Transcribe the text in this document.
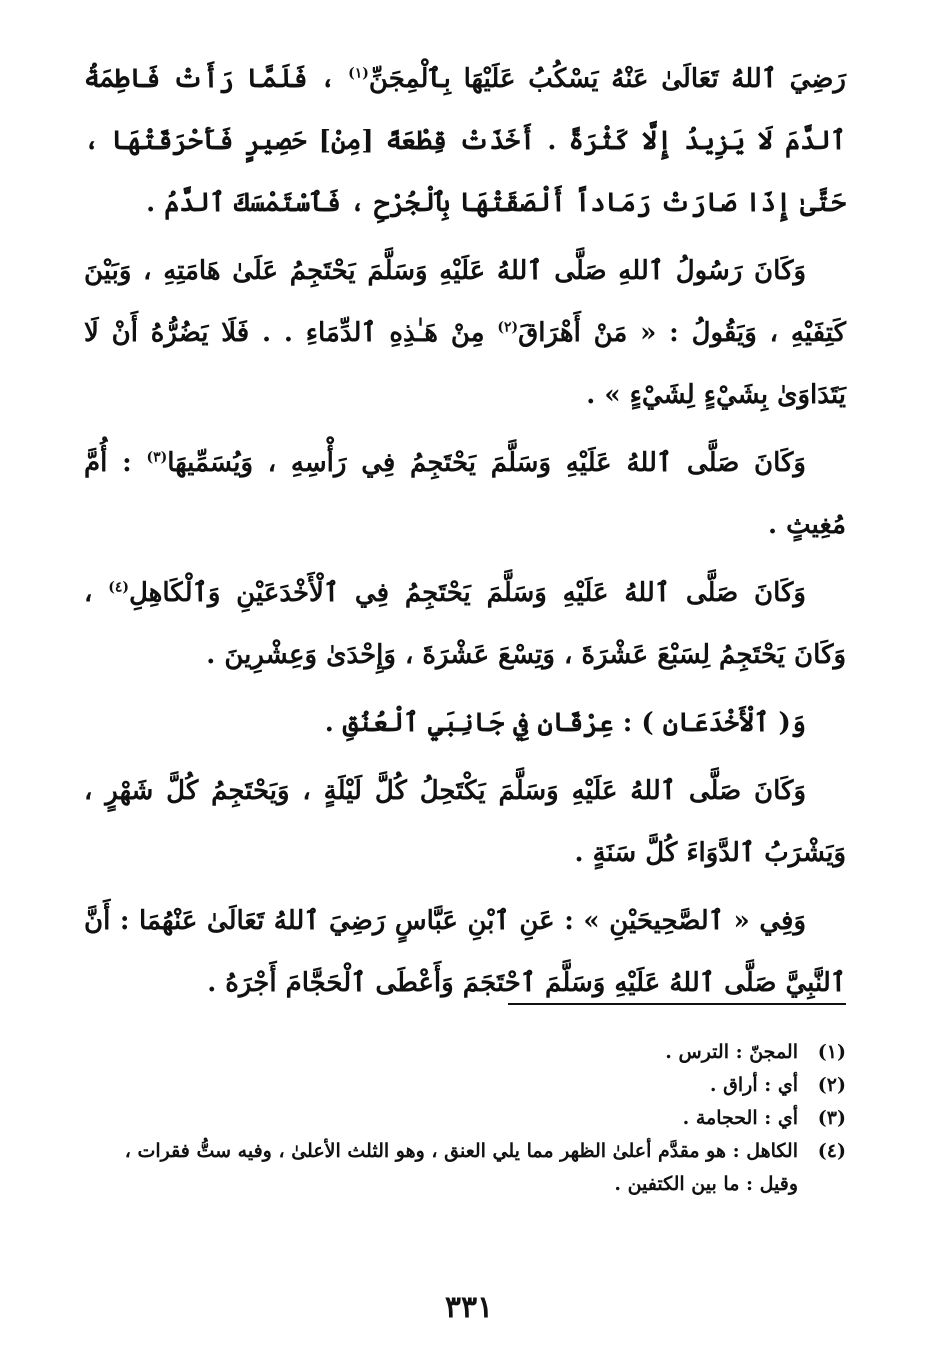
رَضِيَ ٱللهُ تَعَالَىٰ عَنْهُ يَسْكُبُ عَلَيْهَا بِٱلْمِجَنِّ$^{(١)}$ ، فَلَمَّا رَأَتْ فَاطِمَةُ ٱلدَّمَ لَا يَزِيدُ إِلَّا كَثْرَةً . أَخَذَتْ قِطْعَةً [مِنْ] حَصِيرٍ فَأَحْرَقَتْهَا ، حَتَّىٰ إِذَا صَارَتْ رَمَاداً أَلْصَقَتْهَا بِٱلْجُرْحِ ، فَٱسْتَمْسَكَ ٱلدَّمُ .

وَكَانَ رَسُولُ ٱللهِ صَلَّى ٱللهُ عَلَيْهِ وَسَلَّمَ يَحْتَجِمُ عَلَىٰ هَامَتِهِ ، وَبَيْنَ كَتِفَيْهِ ، وَيَقُولُ : « مَنْ أَهْرَاقَ$^{(٢)}$ مِنْ هَـٰذِهِ ٱلدِّمَاءِ . . فَلَا يَضُرُّهُ أَنْ لَا يَتَدَاوَىٰ بِشَيْءٍ لِشَيْءٍ » .

وَكَانَ صَلَّى ٱللهُ عَلَيْهِ وَسَلَّمَ يَحْتَجِمُ فِي رَأْسِهِ ، وَيُسَمِّيهَا$^{(٣)}$ : أُمَّ مُغِيثٍ .

وَكَانَ صَلَّى ٱللهُ عَلَيْهِ وَسَلَّمَ يَحْتَجِمُ فِي ٱلْأَخْدَعَيْنِ وَٱلْكَاهِلِ$^{(٤)}$ ، وَكَانَ يَحْتَجِمُ لِسَبْعَ عَشْرَةَ ، وَتِسْعَ عَشْرَةَ ، وَإِحْدَىٰ وَعِشْرِينَ .

وَ( ٱلْأَخْدَعَانِ ) : عِرْقَانِ فِي جَانِبَيِ ٱلْعُنُقِ .

وَكَانَ صَلَّى ٱللهُ عَلَيْهِ وَسَلَّمَ يَكْتَحِلُ كُلَّ لَيْلَةٍ ، وَيَحْتَجِمُ كُلَّ شَهْرٍ ، وَيَشْرَبُ ٱلدَّوَاءَ كُلَّ سَنَةٍ .

وَفِي « ٱلصَّحِيحَيْنِ » : عَنِ ٱبْنِ عَبَّاسٍ رَضِيَ ٱللهُ تَعَالَىٰ عَنْهُمَا : أَنَّ ٱلنَّبِيَّ صَلَّى ٱللهُ عَلَيْهِ وَسَلَّمَ ٱحْتَجَمَ وَأَعْطَى ٱلْحَجَّامَ أَجْرَهُ .

(١)
المجنّ : الترس .
(٢)
أي : أراق .
(٣)
أي : الحجامة .
(٤)
الكاهل : هو مقدَّم أعلىٰ الظهر مما يلي العنق ، وهو الثلث الأعلىٰ ، وفيه ستُّ فقرات ، وقيل : ما بين الكتفين .
٣٣١
